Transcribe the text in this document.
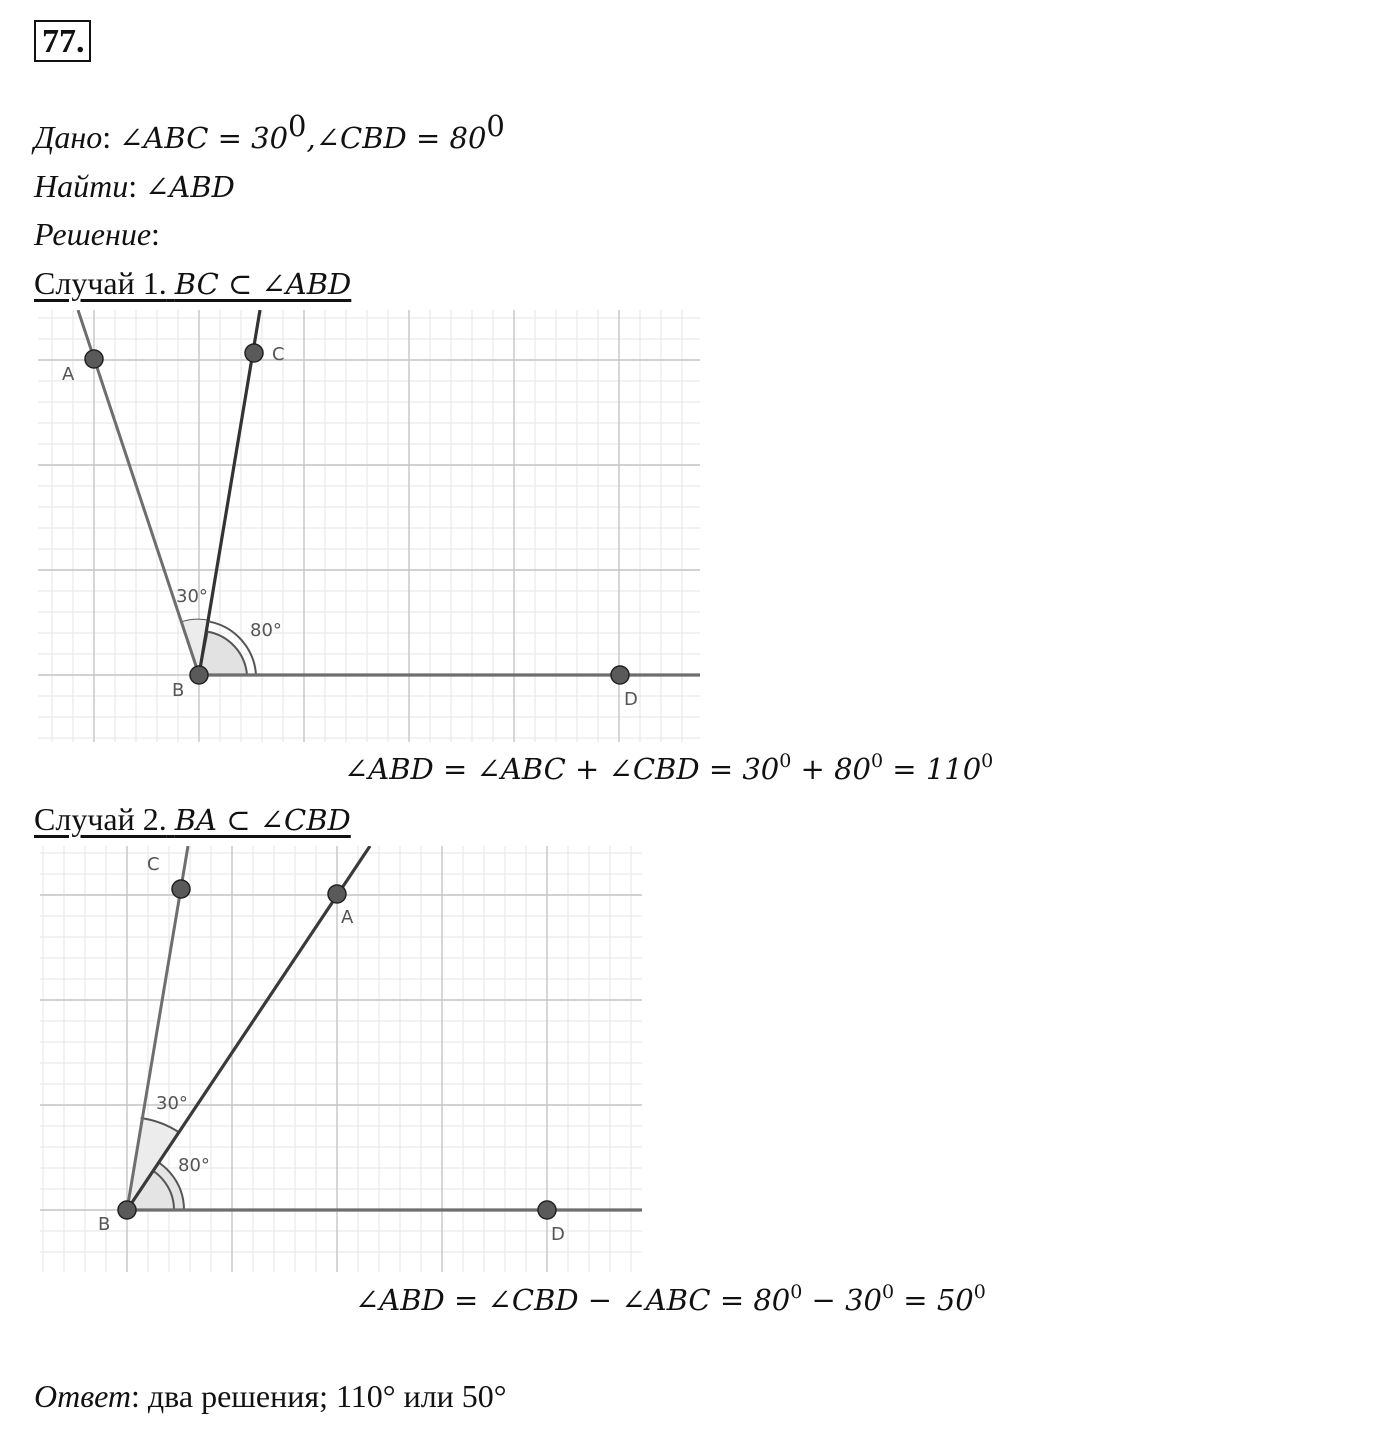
77.
Дано: ∠ABC = $30^0,\angle CBD = 80^0$
Найти: ∠ABD
Решение:
Случай 1. BC ⊂ ∠ABD
A
C
B	D
30°
80°
∠ABD = ∠ABC + ∠CBD = $30^0 + 80^0 = 110^0$
Случай 2. BA ⊂ ∠CBD
C
A
B	D
30°
80°
∠ABD = ∠CBD − ∠ABC = $80^0 - 30^0 = 50^0$
Ответ: два решения; 110° или 50°
